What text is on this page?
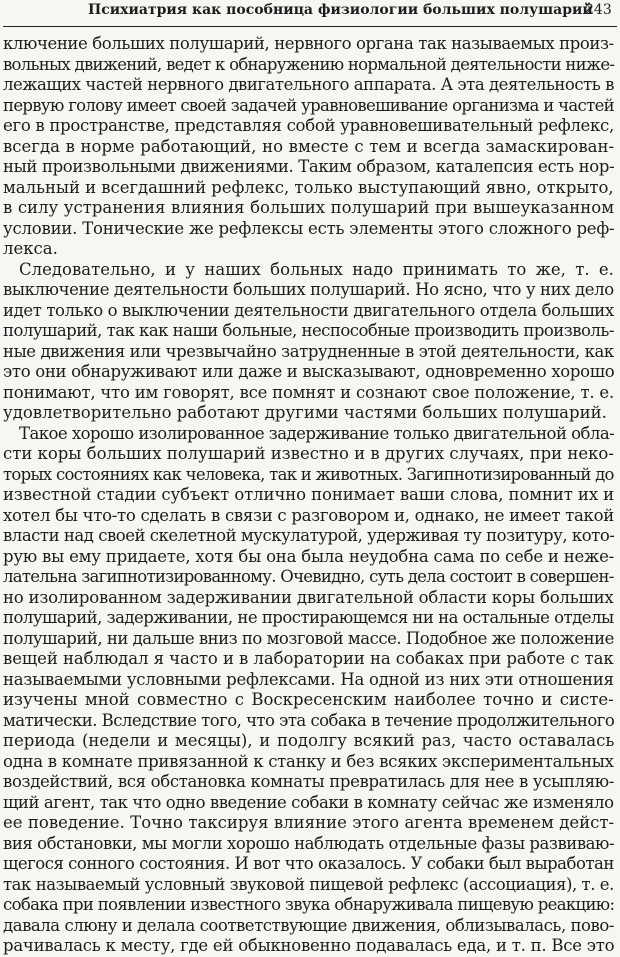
Психиатрия как пособница физиологии больших полушарий
243
ключение больших полушарий, нервного органа так называемых произ-
вольных движений, ведет к обнаружению нормальной деятельности ниже-
лежащих частей нервного двигательного аппарата. А эта деятельность в
первую голову имеет своей задачей уравновешивание организма и частей
его в пространстве, представляя собой уравновешивательный рефлекс,
всегда в норме работающий, но вместе с тем и всегда замаскирован-
ный произвольными движениями. Таким образом, каталепсия есть нор-
мальный и всегдашний рефлекс, только выступающий явно, открыто,
в силу устранения влияния больших полушарий при вышеуказанном
условии. Тонические же рефлексы есть элементы этого сложного реф-
лекса.
Следовательно, и у наших больных надо принимать то же, т. е.
выключение деятельности больших полушарий. Но ясно, что у них дело
идет только о выключении деятельности двигательного отдела больших
полушарий, так как наши больные, неспособные производить произволь-
ные движения или чрезвычайно затрудненные в этой деятельности, как
это они обнаруживают или даже и высказывают, одновременно хорошо
понимают, что им говорят, все помнят и сознают свое положение, т. е.
удовлетворительно работают другими частями больших полушарий.
Такое хорошо изолированное задерживание только двигательной обла-
сти коры больших полушарий известно и в других случаях, при неко-
торых состояниях как человека, так и животных. Загипнотизированный до
известной стадии субъект отлично понимает ваши слова, помнит их и
хотел бы что-то сделать в связи с разговором и, однако, не имеет такой
власти над своей скелетной мускулатурой, удерживая ту позитуру, кото-
рую вы ему придаете, хотя бы она была неудобна сама по себе и нежe-
лательна загипнотизированному. Очевидно, суть дела состоит в совершен-
но изолированном задерживании двигательной области коры больших
полушарий, задерживании, не простирающемся ни на остальные отделы
полушарий, ни дальше вниз по мозговой массе. Подобное же положение
вещей наблюдал я часто и в лаборатории на собаках при работе с так
называемыми условными рефлексами. На одной из них эти отношения
изучены мной совместно с Воскресенским наиболее точно и систе-
матически. Вследствие того, что эта собака в течение продолжительного
периода (недели и месяцы), и подолгу всякий раз, часто оставалась
одна в комнате привязанной к станку и без всяких экспериментальных
воздействий, вся обстановка комнаты превратилась для нее в усыпляю-
щий агент, так что одно введение собаки в комнату сейчас же изменяло
ее поведение. Точно таксируя влияние этого агента временем дейст-
вия обстановки, мы могли хорошо наблюдать отдельные фазы развиваю-
щегося сонного состояния. И вот что оказалось. У собаки был выработан
так называемый условный звуковой пищевой рефлекс (ассоциация), т. е.
собака при появлении известного звука обнаруживала пищевую реакцию:
давала слюну и делала соответствующие движения, облизывалась, пово-
рачивалась к месту, где ей обыкновенно подавалась еда, и т. п. Все это
